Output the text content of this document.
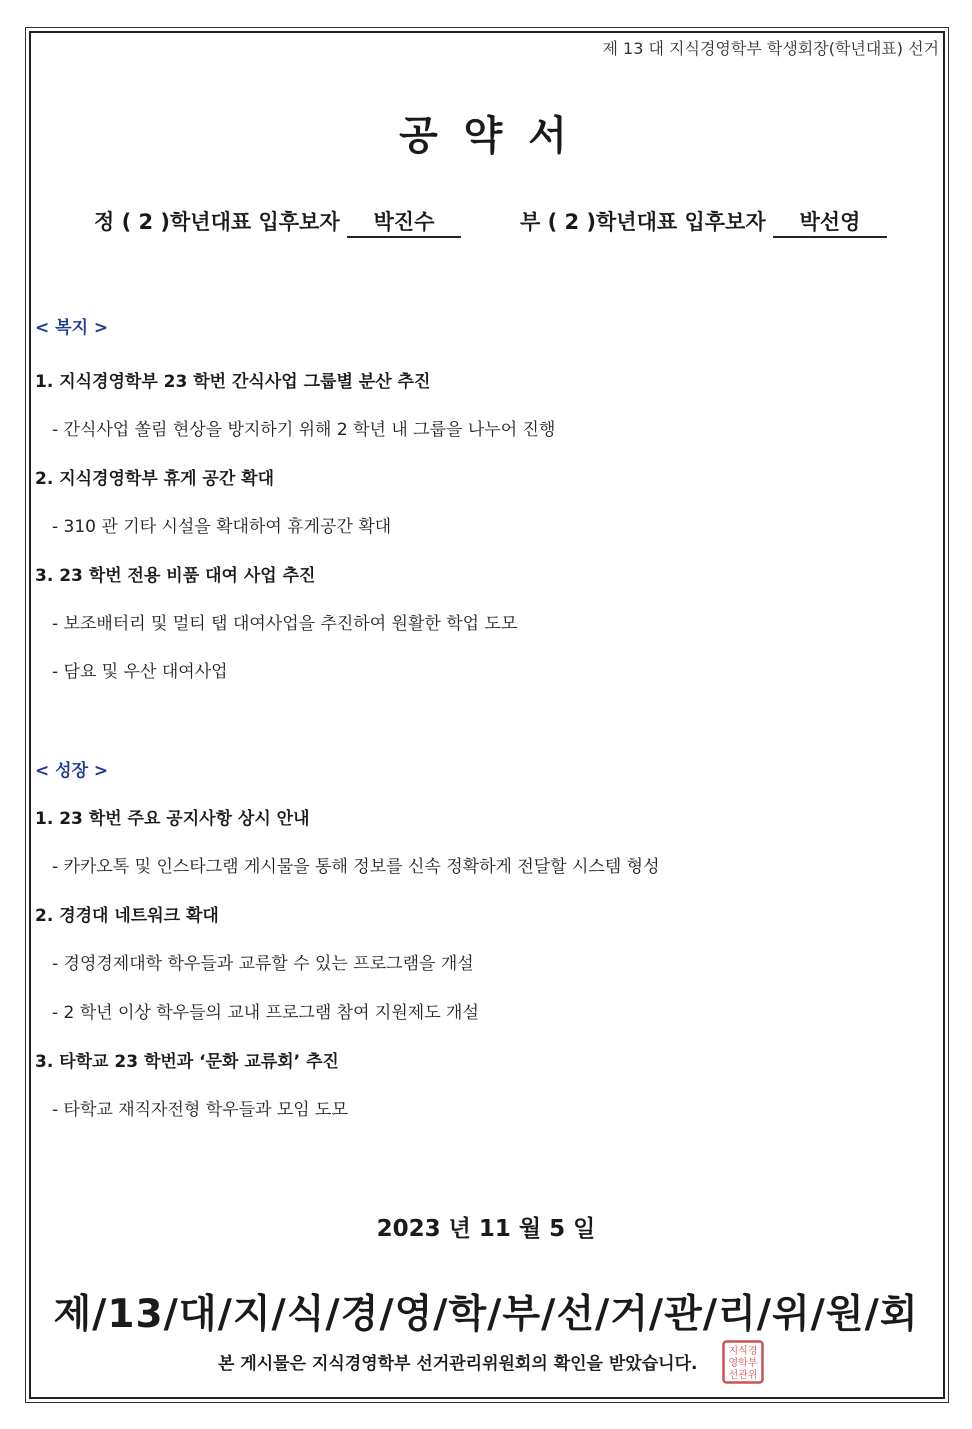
제 13 대 지식경영학부 학생회장(학년대표) 선거
공 약 서
정 ( 2 )학년대표 입후보자 박진수	부 ( 2 )학년대표 입후보자 박선영
< 복지 >
1. 지식경영학부 23 학번 간식사업 그룹별 분산 추진
- 간식사업 쏠림 현상을 방지하기 위해 2 학년 내 그룹을 나누어 진행
2. 지식경영학부 휴게 공간 확대
- 310 관 기타 시설을 확대하여 휴게공간 확대
3. 23 학번 전용 비품 대여 사업 추진
- 보조배터리 및 멀티 탭 대여사업을 추진하여 원활한 학업 도모
- 담요 및 우산 대여사업
< 성장 >
1. 23 학번 주요 공지사항 상시 안내
- 카카오톡 및 인스타그램 게시물을 통해 정보를 신속 정확하게 전달할 시스템 형성
2. 경경대 네트워크 확대
- 경영경제대학 학우들과 교류할 수 있는 프로그램을 개설
- 2 학년 이상 학우들의 교내 프로그램 참여 지원제도 개설
3. 타학교 23 학번과 ‘문화 교류회’ 추진
- 타학교 재직자전형 학우들과 모임 도모
2023 년 11 월 5 일
제/13/대/지/식/경/영/학/부/선/거/관/리/위/원/회
본 게시물은 지식경영학부 선거관리위원회의 확인을 받았습니다.
지식경
영학부
선관위
